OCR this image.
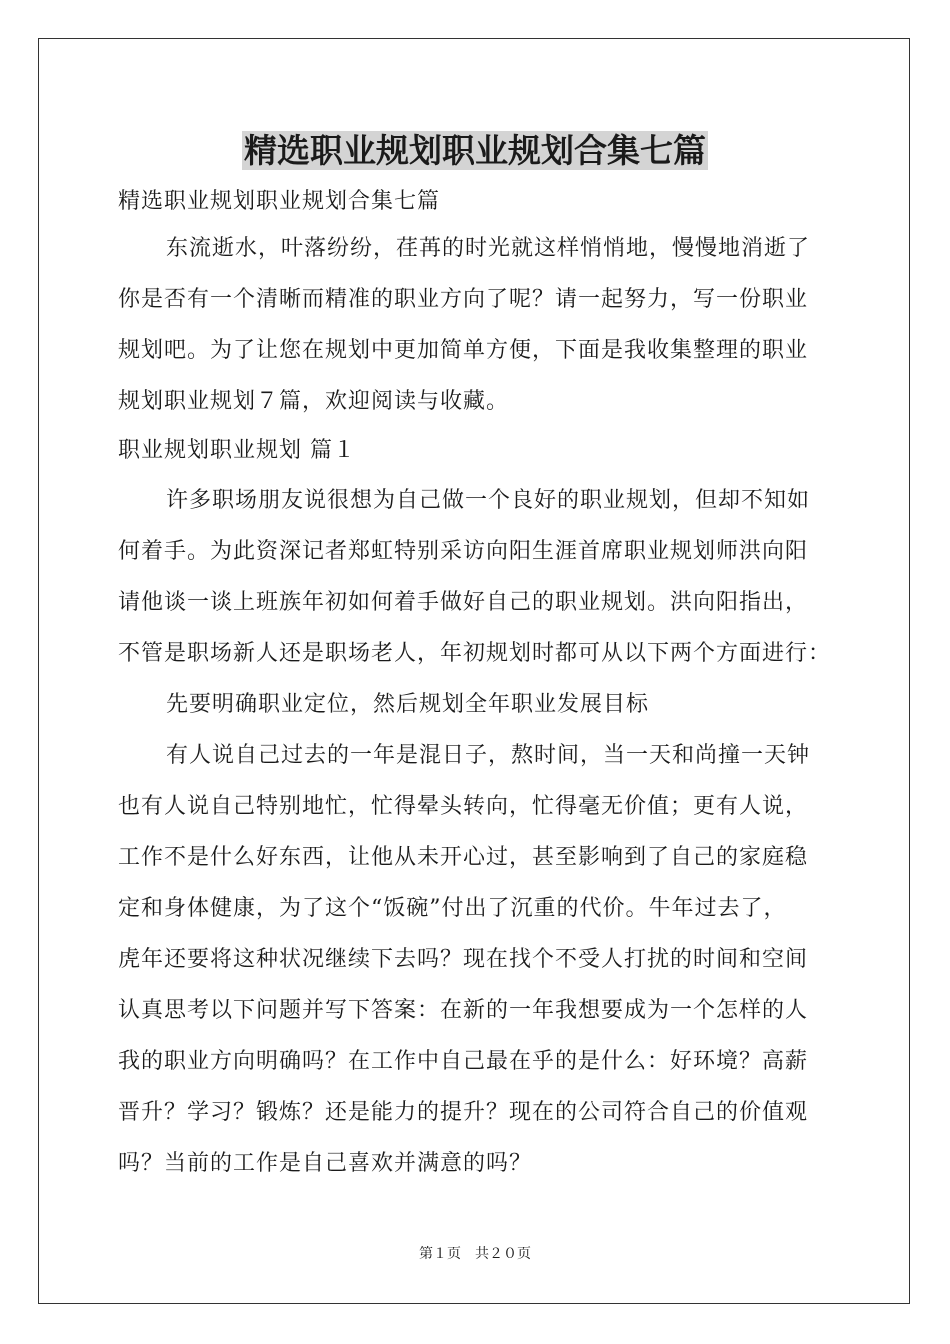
精选职业规划职业规划合集七篇
精选职业规划职业规划合集七篇
东流逝水，叶落纷纷，荏苒的时光就这样悄悄地，慢慢地消逝了
你是否有一个清晰而精准的职业方向了呢？请一起努力，写一份职业
规划吧。为了让您在规划中更加简单方便，下面是我收集整理的职业
规划职业规划７篇，欢迎阅读与收藏。
职业规划职业规划 篇１
许多职场朋友说很想为自己做一个良好的职业规划，但却不知如
何着手。为此资深记者郑虹特别采访向阳生涯首席职业规划师洪向阳
请他谈一谈上班族年初如何着手做好自己的职业规划。洪向阳指出，
不管是职场新人还是职场老人，年初规划时都可从以下两个方面进行：
先要明确职业定位，然后规划全年职业发展目标
有人说自己过去的一年是混日子，熬时间，当一天和尚撞一天钟
也有人说自己特别地忙，忙得晕头转向，忙得毫无价值；更有人说，
工作不是什么好东西，让他从未开心过，甚至影响到了自己的家庭稳
定和身体健康，为了这个“饭碗”付出了沉重的代价。牛年过去了，
虎年还要将这种状况继续下去吗？现在找个不受人打扰的时间和空间
认真思考以下问题并写下答案：在新的一年我想要成为一个怎样的人
我的职业方向明确吗？在工作中自己最在乎的是什么：好环境？高薪
晋升？学习？锻炼？还是能力的提升？现在的公司符合自己的价值观
吗？当前的工作是自己喜欢并满意的吗？
第１页 共２０页
